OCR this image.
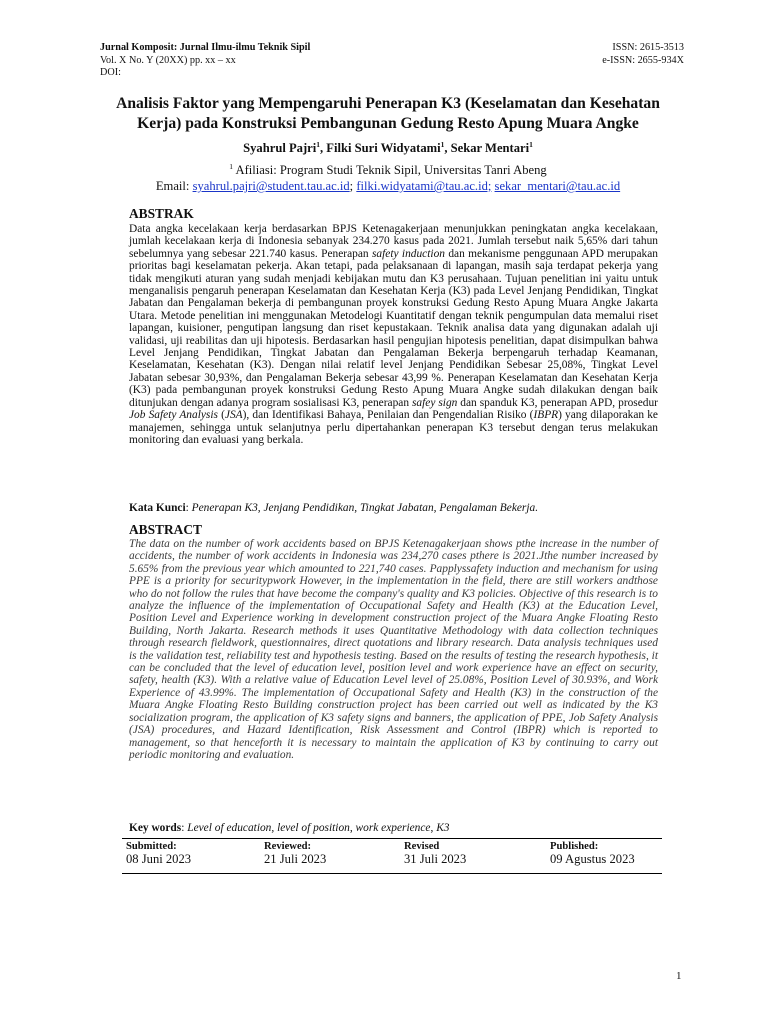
Jurnal Komposit: Jurnal Ilmu-ilmu Teknik Sipil
Vol. X No. Y (20XX) pp. xx – xx
DOI:
ISSN: 2615-3513
e-ISSN: 2655-934X
Analisis Faktor yang Mempengaruhi Penerapan K3 (Keselamatan dan Kesehatan
Kerja) pada Konstruksi Pembangunan Gedung Resto Apung Muara Angke
Syahrul Pajri$^1$, Filki Suri Widyatami$^1$, Sekar Mentari$^1$
$^1$ Afiliasi: Program Studi Teknik Sipil, Universitas Tanri Abeng
Email: syahrul.pajri@student.tau.ac.id; filki.widyatami@tau.ac.id; sekar_mentari@tau.ac.id
ABSTRAK
Data angka kecelakaan kerja berdasarkan BPJS Ketenagakerjaan menunjukkan peningkatan angka kecelakaan, jumlah kecelakaan kerja di Indonesia sebanyak 234.270 kasus pada 2021. Jumlah tersebut naik 5,65% dari tahun sebelumnya yang sebesar 221.740 kasus. Penerapan safety induction dan mekanisme penggunaan APD merupakan prioritas bagi keselamatan pekerja. Akan tetapi, pada pelaksanaan di lapangan, masih saja terdapat pekerja yang tidak mengikuti aturan yang sudah menjadi kebijakan mutu dan K3 perusahaan. Tujuan penelitian ini yaitu untuk menganalisis pengaruh penerapan Keselamatan dan Kesehatan Kerja (K3) pada Level Jenjang Pendidikan, Tingkat Jabatan dan Pengalaman bekerja di pembangunan proyek konstruksi Gedung Resto Apung Muara Angke Jakarta Utara. Metode penelitian ini menggunakan Metodelogi Kuantitatif dengan teknik pengumpulan data memalui riset lapangan, kuisioner, pengutipan langsung dan riset kepustakaan. Teknik analisa data yang digunakan adalah uji validasi, uji reabilitas dan uji hipotesis. Berdasarkan hasil pengujian hipotesis penelitian, dapat disimpulkan bahwa Level Jenjang Pendidikan, Tingkat Jabatan dan Pengalaman Bekerja berpengaruh terhadap Keamanan, Keselamatan, Kesehatan (K3). Dengan nilai relatif level Jenjang Pendidikan Sebesar 25,08%, Tingkat Level Jabatan sebesar 30,93%, dan Pengalaman Bekerja sebesar 43,99 %. Penerapan Keselamatan dan Kesehatan Kerja (K3) pada pembangunan proyek konstruksi Gedung Resto Apung Muara Angke sudah dilakukan dengan baik ditunjukan dengan adanya program sosialisasi K3, penerapan safey sign dan spanduk K3, penerapan APD, prosedur Job Safety Analysis (JSA), dan Identifikasi Bahaya, Penilaian dan Pengendalian Risiko (IBPR) yang dilaporakan ke manajemen, sehingga untuk selanjutnya perlu dipertahankan penerapan K3 tersebut dengan terus melakukan monitoring dan evaluasi yang berkala.
Kata Kunci: Penerapan K3, Jenjang Pendidikan, Tingkat Jabatan, Pengalaman Bekerja.
ABSTRACT
The data on the number of work accidents based on BPJS Ketenagakerjaan shows pthe increase in the number of accidents, the number of work accidents in Indonesia was 234,270 cases pthere is 2021.Jthe number increased by 5.65% from the previous year which amounted to 221,740 cases. Papplyssafety induction and mechanism for using PPE is a priority for securitypwork However, in the implementation in the field, there are still workers andthose who do not follow the rules that have become the company's quality and K3 policies. Objective of this research is to analyze the influence of the implementation of Occupational Safety and Health (K3) at the Education Level, Position Level and Experience working in development construction project of the Muara Angke Floating Resto Building, North Jakarta. Research methods it uses Quantitative Methodology with data collection techniques through research fieldwork, questionnaires, direct quotations and library research. Data analysis techniques used is the validation test, reliability test and hypothesis testing. Based on the results of testing the research hypothesis, it can be concluded that the level of education level, position level and work experience have an effect on security, safety, health (K3). With a relative value of Education Level level of 25.08%, Position Level of 30.93%, and Work Experience of 43.99%. The implementation of Occupational Safety and Health (K3) in the construction of the Muara Angke Floating Resto Building construction project has been carried out well as indicated by the K3 socialization program, the application of K3 safety signs and banners, the application of PPE, Job Safety Analysis (JSA) procedures, and Hazard Identification, Risk Assessment and Control (IBPR) which is reported to management, so that henceforth it is necessary to maintain the application of K3 by continuing to carry out periodic monitoring and evaluation.
Key words: Level of education, level of position, work experience, K3
Submitted:
08 Juni 2023
Reviewed:
21 Juli 2023
Revised
31 Juli 2023
Published:
09 Agustus 2023
1
